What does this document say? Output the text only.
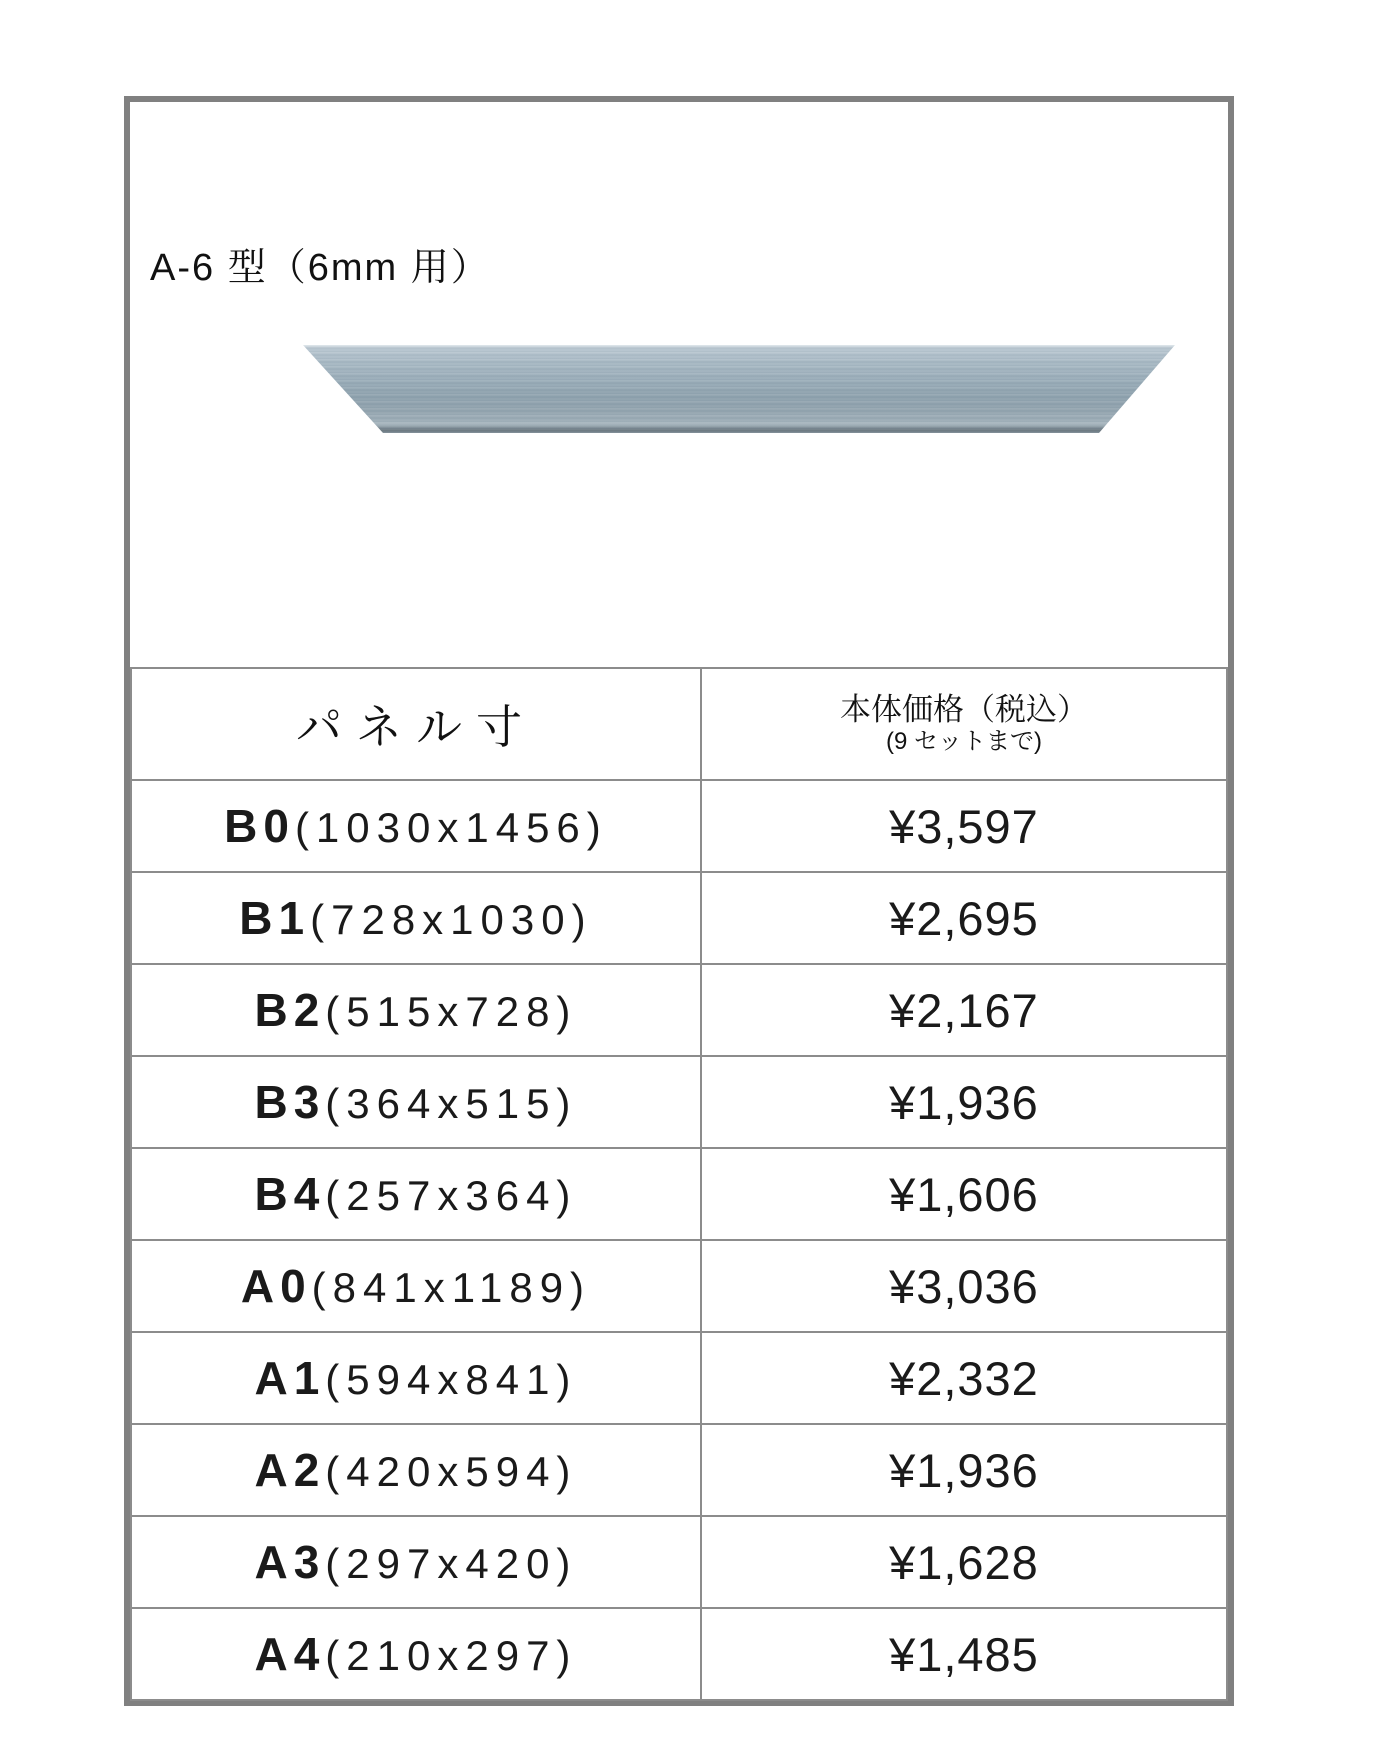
A-6 型（6mm 用）
パネル寸	本体価格（税込）
(9 セットまで)

B0(1030x1456)	¥3,597
B1(728x1030)	¥2,695
B2(515x728)	¥2,167
B3(364x515)	¥1,936
B4(257x364)	¥1,606
A0(841x1189)	¥3,036
A1(594x841)	¥2,332
A2(420x594)	¥1,936
A3(297x420)	¥1,628
A4(210x297)	¥1,485
